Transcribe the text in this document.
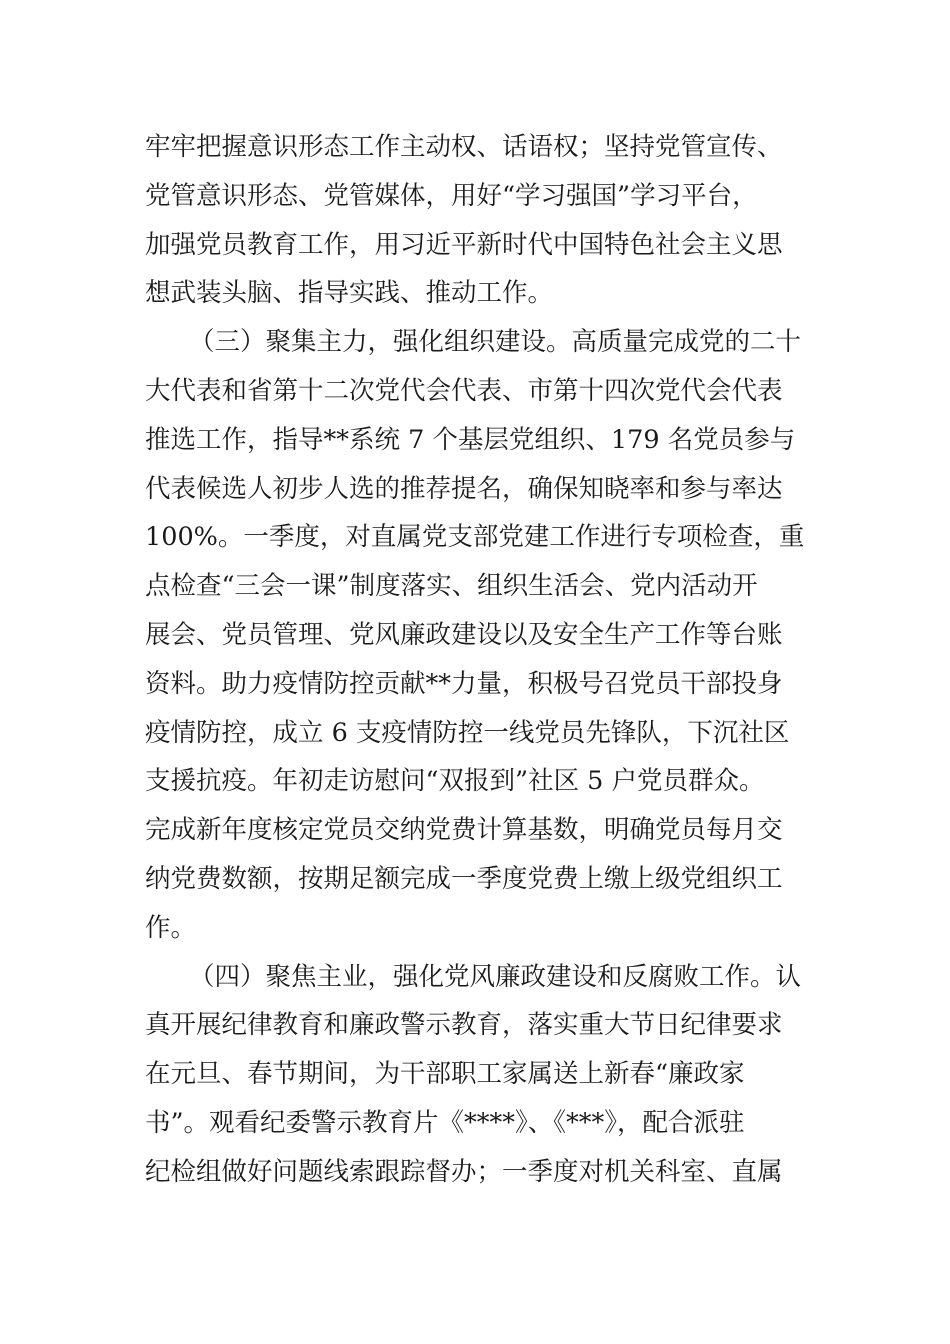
牢牢把握意识形态工作主动权、话语权；坚持党管宣传、
党管意识形态、党管媒体，用好“学习强国”学习平台，
加强党员教育工作，用习近平新时代中国特色社会主义思
想武装头脑、指导实践、推动工作。
（三）聚集主力，强化组织建设。高质量完成党的二十
大代表和省第十二次党代会代表、市第十四次党代会代表
推选工作，指导**系统 7 个基层党组织、179 名党员参与
代表候选人初步人选的推荐提名，确保知晓率和参与率达
100%。一季度，对直属党支部党建工作进行专项检查，重
点检查“三会一课”制度落实、组织生活会、党内活动开
展会、党员管理、党风廉政建设以及安全生产工作等台账
资料。助力疫情防控贡献**力量，积极号召党员干部投身
疫情防控，成立 6 支疫情防控一线党员先锋队，下沉社区
支援抗疫。年初走访慰问“双报到”社区 5 户党员群众。
完成新年度核定党员交纳党费计算基数，明确党员每月交
纳党费数额，按期足额完成一季度党费上缴上级党组织工
作。
（四）聚焦主业，强化党风廉政建设和反腐败工作。认
真开展纪律教育和廉政警示教育，落实重大节日纪律要求
在元旦、春节期间，为干部职工家属送上新春“廉政家
书”。观看纪委警示教育片《****》、《***》，配合派驻
纪检组做好问题线索跟踪督办；一季度对机关科室、直属
